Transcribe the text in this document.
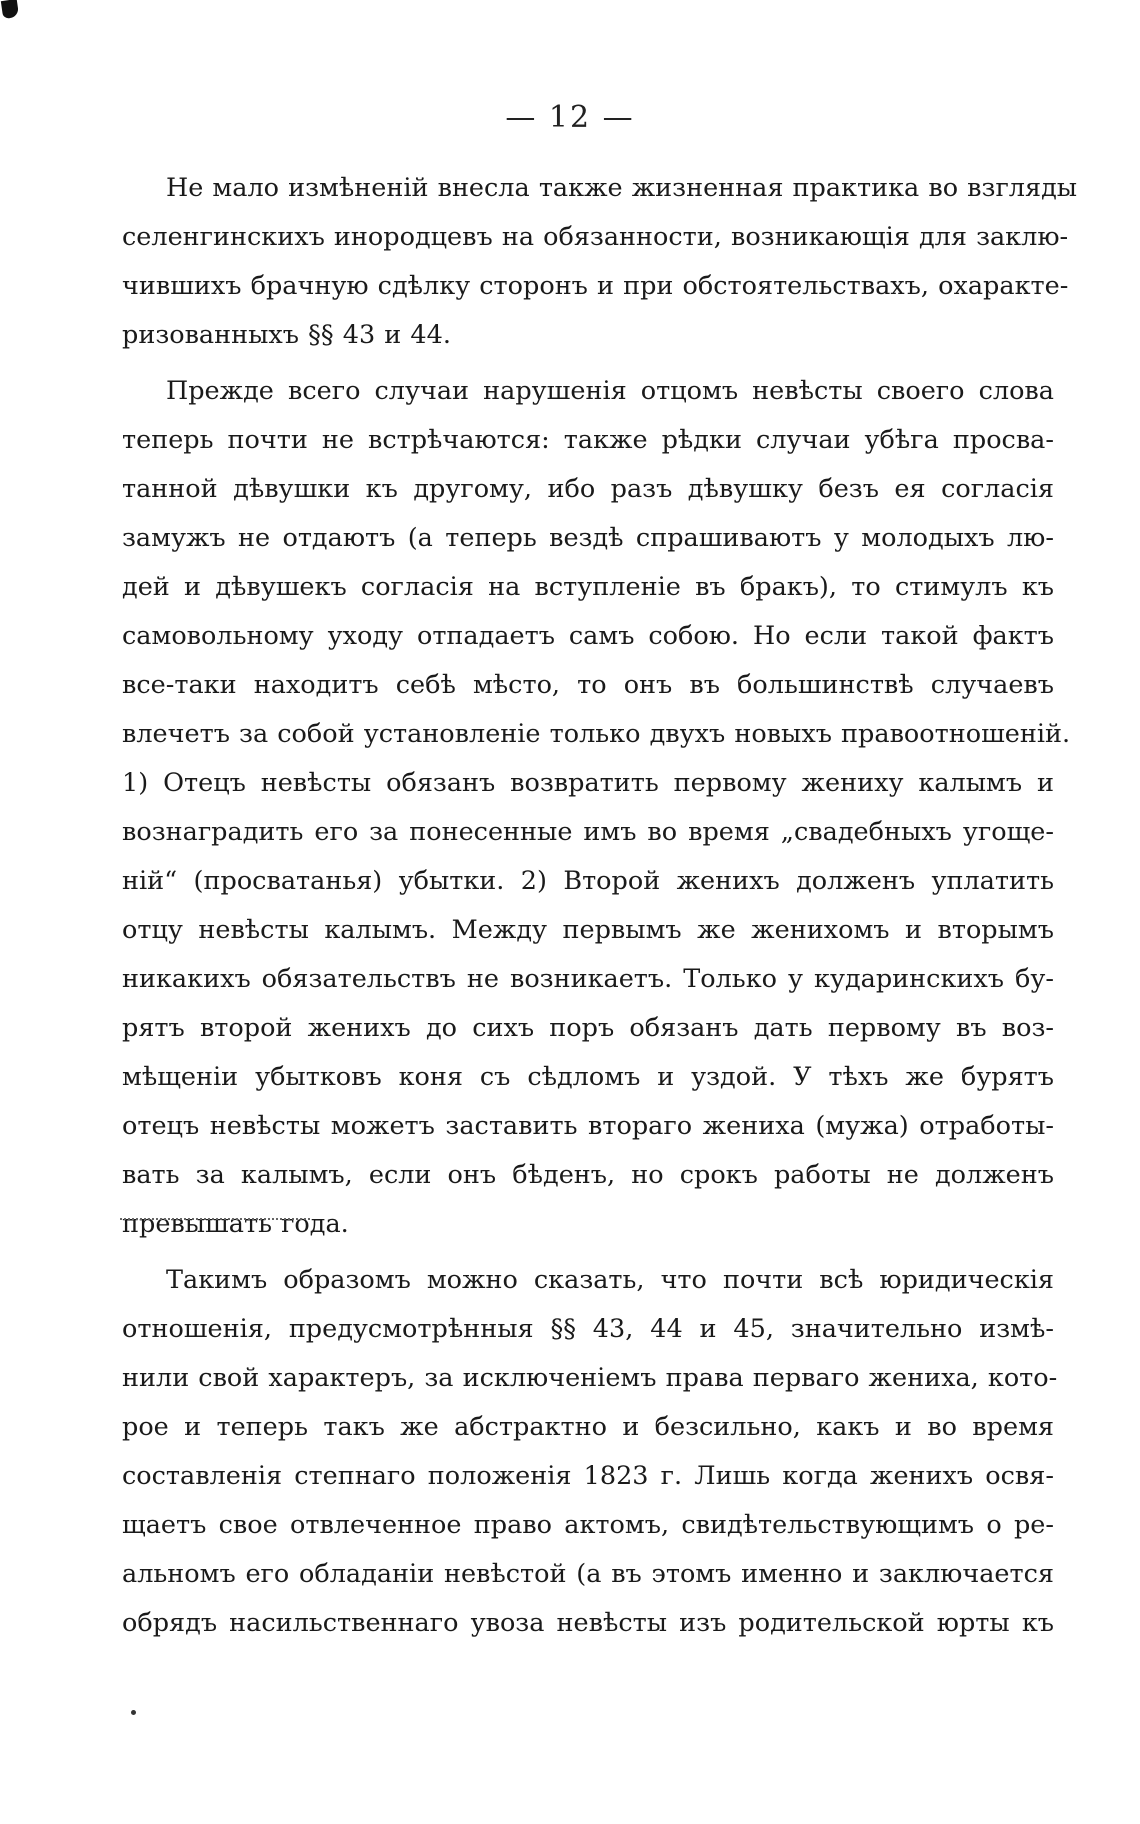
— 12 —

Не мало измѣненій внесла также жизненная практика во взгляды
селенгинскихъ инородцевъ на обязанности, возникающія для заклю-
чившихъ брачную сдѣлку сторонъ и при обстоятельствахъ, охаракте-
ризованныхъ §§ 43 и 44.

Прежде всего случаи нарушенія отцомъ невѣсты своего слова
теперь почти не встрѣчаются: также рѣдки случаи убѣга просва-
танной дѣвушки къ другому, ибо разъ дѣвушку безъ ея согласія
замужъ не отдаютъ (а теперь вездѣ спрашиваютъ у молодыхъ лю-
дей и дѣвушекъ согласія на вступленіе въ бракъ), то стимулъ къ
самовольному уходу отпадаетъ самъ собою. Но если такой фактъ
все-таки находитъ себѣ мѣсто, то онъ въ большинствѣ случаевъ
влечетъ за собой установленіе только двухъ новыхъ правоотношеній.
1) Отецъ невѣсты обязанъ возвратить первому жениху калымъ и
вознаградить его за понесенные имъ во время „свадебныхъ угоще-
ній“ (просватанья) убытки. 2) Второй женихъ долженъ уплатить
отцу невѣсты калымъ. Между первымъ же женихомъ и вторымъ
никакихъ обязательствъ не возникаетъ. Только у кударинскихъ бу-
рятъ второй женихъ до сихъ поръ обязанъ дать первому въ воз-
мѣщеніи убытковъ коня съ сѣдломъ и уздой. У тѣхъ же бурятъ
отецъ невѣсты можетъ заставить втораго жениха (мужа) отработы-
вать за калымъ, если онъ бѣденъ, но срокъ работы не долженъ
превышать года.

Такимъ образомъ можно сказать, что почти всѣ юридическія
отношенія, предусмотрѣнныя §§ 43, 44 и 45, значительно измѣ-
нили свой характеръ, за исключеніемъ права перваго жениха, кото-
рое и теперь такъ же абстрактно и безсильно, какъ и во время
составленія степнаго положенія 1823 г. Лишь когда женихъ освя-
щаетъ свое отвлеченное право актомъ, свидѣтельствующимъ о ре-
альномъ его обладаніи невѣстой (а въ этомъ именно и заключается
обрядъ насильственнаго увоза невѣсты изъ родительской юрты къ
